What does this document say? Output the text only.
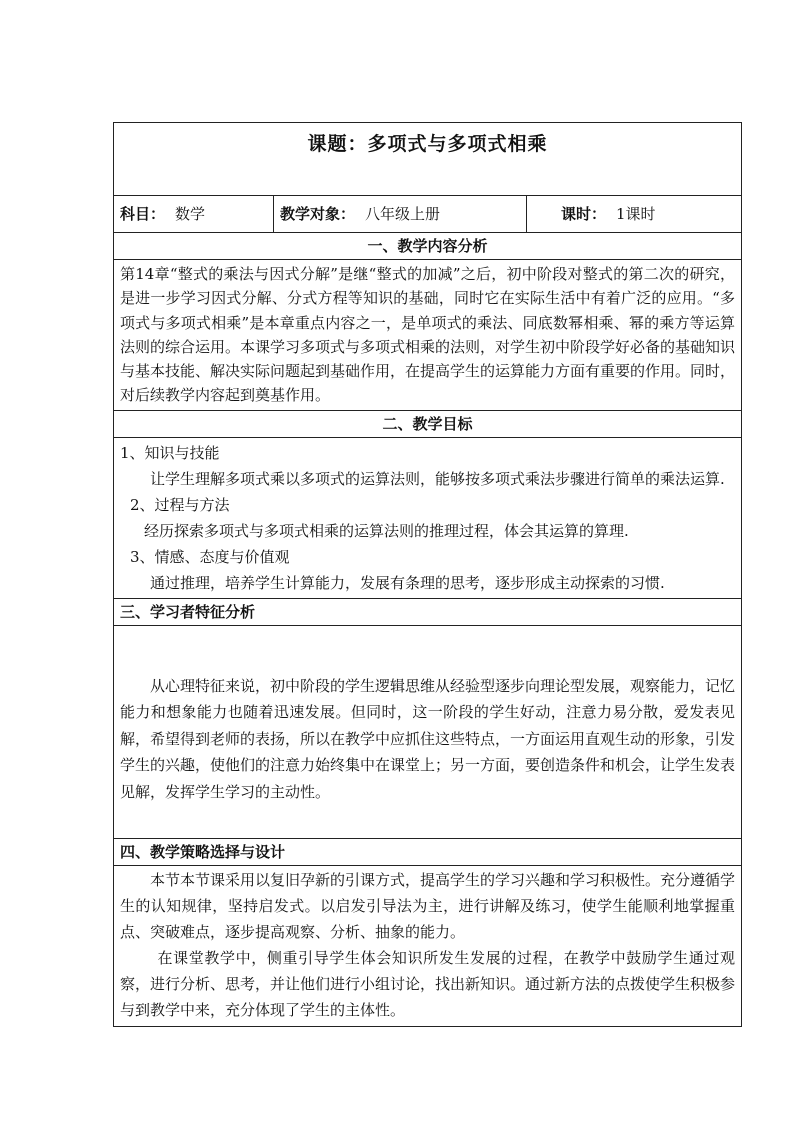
课题：多项式与多项式相乘
科目： 数学	教学对象： 八年级上册	课时： 1课时
一、教学内容分析

第14章“整式的乘法与因式分解”是继“整式的加减”之后，初中阶段对整式的第二次的研究，是进一步学习因式分解、分式方程等知识的基础，同时它在实际生活中有着广泛的应用。“多项式与多项式相乘”是本章重点内容之一，是单项式的乘法、同底数幂相乘、幂的乘方等运算法则的综合运用。本课学习多项式与多项式相乘的法则，对学生初中阶段学好必备的基础知识与基本技能、解决实际问题起到基础作用，在提高学生的运算能力方面有重要的作用。同时，对后续教学内容起到奠基作用。

二、教学目标

1、知识与技能

让学生理解多项式乘以多项式的运算法则，能够按多项式乘法步骤进行简单的乘法运算.

2、过程与方法

经历探索多项式与多项式相乘的运算法则的推理过程，体会其运算的算理.

3、情感、态度与价值观

通过推理，培养学生计算能力，发展有条理的思考，逐步形成主动探索的习惯.

三、学习者特征分析

从心理特征来说，初中阶段的学生逻辑思维从经验型逐步向理论型发展，观察能力，记忆能力和想象能力也随着迅速发展。但同时，这一阶段的学生好动，注意力易分散，爱发表见解，希望得到老师的表扬，所以在教学中应抓住这些特点，一方面运用直观生动的形象，引发学生的兴趣，使他们的注意力始终集中在课堂上；另一方面，要创造条件和机会，让学生发表见解，发挥学生学习的主动性。

四、教学策略选择与设计

本节本节课采用以复旧孕新的引课方式，提高学生的学习兴趣和学习积极性。充分遵循学生的认知规律，坚持启发式。以启发引导法为主，进行讲解及练习，使学生能顺利地掌握重点、突破难点，逐步提高观察、分析、抽象的能力。

在课堂教学中，侧重引导学生体会知识所发生发展的过程，在教学中鼓励学生通过观察，进行分析、思考，并让他们进行小组讨论，找出新知识。通过新方法的点拨使学生积极参与到教学中来，充分体现了学生的主体性。
